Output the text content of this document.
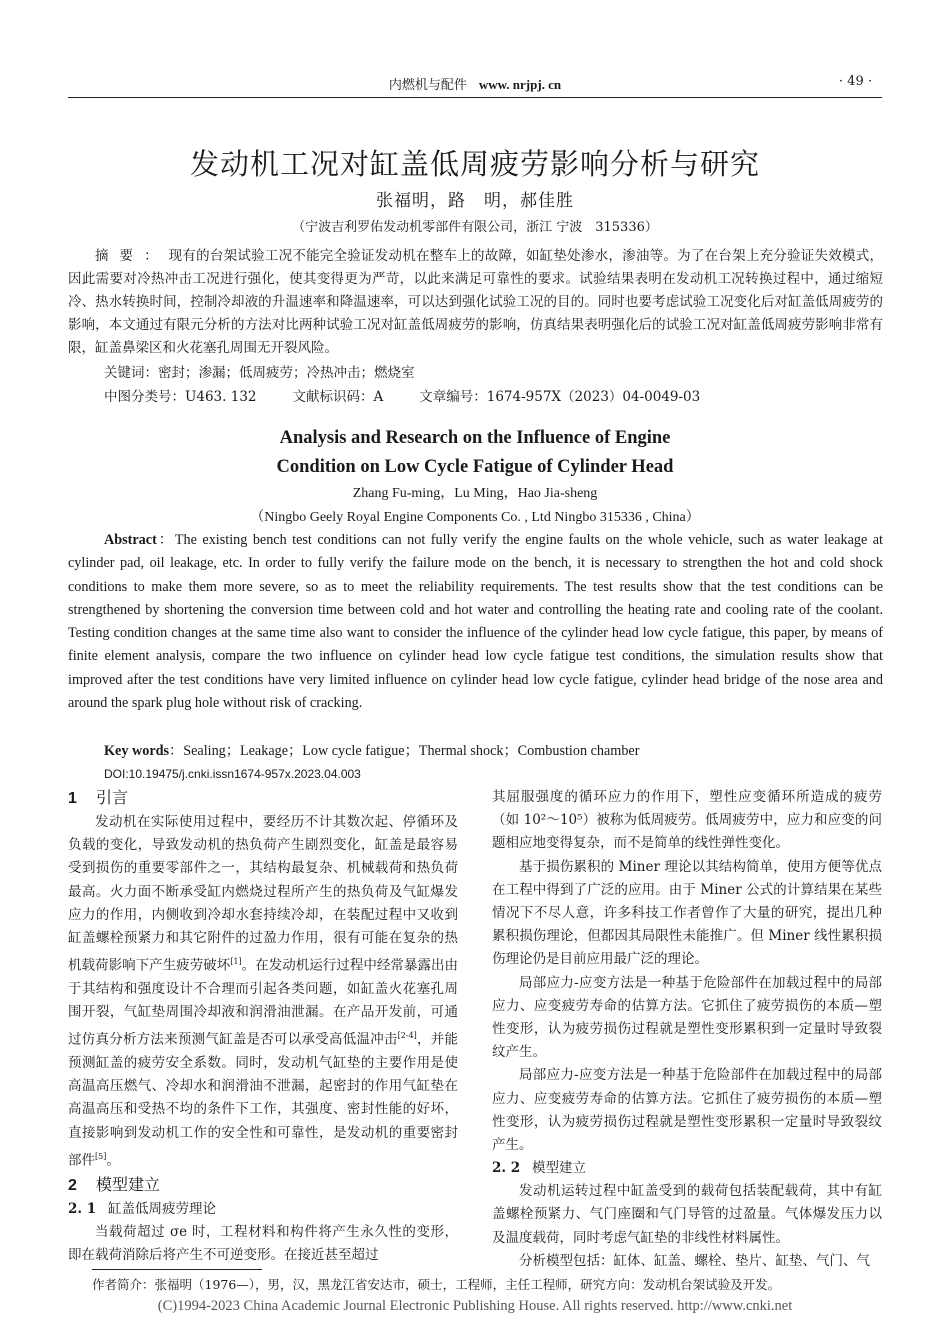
内燃机与配件 www. nrjpj. cn	· 49 ·
发动机工况对缸盖低周疲劳影响分析与研究
张福明，路　明，郝佳胜
（宁波吉利罗佑发动机零部件有限公司，浙江 宁波　315336）
摘要：现有的台架试验工况不能完全验证发动机在整车上的故障，如缸垫处渗水，渗油等。为了在台架上充分验证失效模式，因此需要对冷热冲击工况进行强化，使其变得更为严苛，以此来满足可靠性的要求。试验结果表明在发动机工况转换过程中，通过缩短冷、热水转换时间，控制冷却液的升温速率和降温速率，可以达到强化试验工况的目的。同时也要考虑试验工况变化后对缸盖低周疲劳的影响，本文通过有限元分析的方法对比两种试验工况对缸盖低周疲劳的影响，仿真结果表明强化后的试验工况对缸盖低周疲劳影响非常有限，缸盖鼻梁区和火花塞孔周围无开裂风险。
关键词：密封；渗漏；低周疲劳；冷热冲击；燃烧室
中图分类号：U463. 132	文献标识码：A	文章编号：1674-957X（2023）04-0049-03
Analysis and Research on the Influence of Engine
Condition on Low Cycle Fatigue of Cylinder Head
Zhang Fu-ming，Lu Ming，Hao Jia-sheng
（Ningbo Geely Royal Engine Components Co. , Ltd Ningbo 315336 , China）
Abstract：The existing bench test conditions can not fully verify the engine faults on the whole vehicle, such as water leakage at cylinder pad, oil leakage, etc. In order to fully verify the failure mode on the bench, it is necessary to strengthen the hot and cold shock conditions to make them more severe, so as to meet the reliability requirements. The test results show that the test conditions can be strengthened by shortening the conversion time between cold and hot water and controlling the heating rate and cooling rate of the coolant. Testing condition changes at the same time also want to consider the influence of the cylinder head low cycle fatigue, this paper, by means of finite element analysis, compare the two influence on cylinder head low cycle fatigue test conditions, the simulation results show that improved after the test conditions have very limited influence on cylinder head low cycle fatigue, cylinder head bridge of the nose area and around the spark plug hole without risk of cracking.
Key words：Sealing；Leakage；Low cycle fatigue；Thermal shock；Combustion chamber
DOI:10.19475/j.cnki.issn1674-957x.2023.04.003
1 引言

发动机在实际使用过程中，要经历不计其数次起、停循环及负载的变化，导致发动机的热负荷产生剧烈变化，缸盖是最容易受到损伤的重要零部件之一，其结构最复杂、机械载荷和热负荷最高。火力面不断承受缸内燃烧过程所产生的热负荷及气缸爆发应力的作用，内侧收到冷却水套持续冷却，在装配过程中又收到缸盖螺栓预紧力和其它附件的过盈力作用，很有可能在复杂的热机载荷影响下产生疲劳破坏[1]。在发动机运行过程中经常暴露出由于其结构和强度设计不合理而引起各类问题，如缸盖火花塞孔周围开裂，气缸垫周围冷却液和润滑油泄漏。在产品开发前，可通过仿真分析方法来预测气缸盖是否可以承受高低温冲击[2-4]，并能预测缸盖的疲劳安全系数。同时，发动机气缸垫的主要作用是使高温高压燃气、冷却水和润滑油不泄漏，起密封的作用气缸垫在高温高压和受热不均的条件下工作，其强度、密封性能的好坏，直接影响到发动机工作的安全性和可靠性，是发动机的重要密封部件[5]。

2 模型建立
2. 1 缸盖低周疲劳理论

当载荷超过 σe 时，工程材料和构件将产生永久性的变形，即在载荷消除后将产生不可逆变形。在接近甚至超过

其屈服强度的循环应力的作用下，塑性应变循环所造成的疲劳（如 10²～10⁵）被称为低周疲劳。低周疲劳中，应力和应变的问题相应地变得复杂，而不是简单的线性弹性变化。

基于损伤累积的 Miner 理论以其结构简单，使用方便等优点在工程中得到了广泛的应用。由于 Miner 公式的计算结果在某些情况下不尽人意，许多科技工作者曾作了大量的研究，提出几种累积损伤理论，但都因其局限性未能推广。但 Miner 线性累积损伤理论仍是目前应用最广泛的理论。

局部应力-应变方法是一种基于危险部件在加载过程中的局部应力、应变疲劳寿命的估算方法。它抓住了疲劳损伤的本质—塑性变形，认为疲劳损伤过程就是塑性变形累积到一定量时导致裂纹产生。

局部应力-应变方法是一种基于危险部件在加载过程中的局部应力、应变疲劳寿命的估算方法。它抓住了疲劳损伤的本质—塑性变形，认为疲劳损伤过程就是塑性变形累积一定量时导致裂纹产生。

2. 2 模型建立

发动机运转过程中缸盖受到的载荷包括装配载荷，其中有缸盖螺栓预紧力、气门座圈和气门导管的过盈量。气体爆发压力以及温度载荷，同时考虑气缸垫的非线性材料属性。

分析模型包括：缸体、缸盖、螺栓、垫片、缸垫、气门、气

作者简介：张福明（1976—），男，汉，黑龙江省安达市，硕士，工程师，主任工程师，研究方向：发动机台架试验及开发。
(C)1994-2023 China Academic Journal Electronic Publishing House. All rights reserved. http://www.cnki.net
